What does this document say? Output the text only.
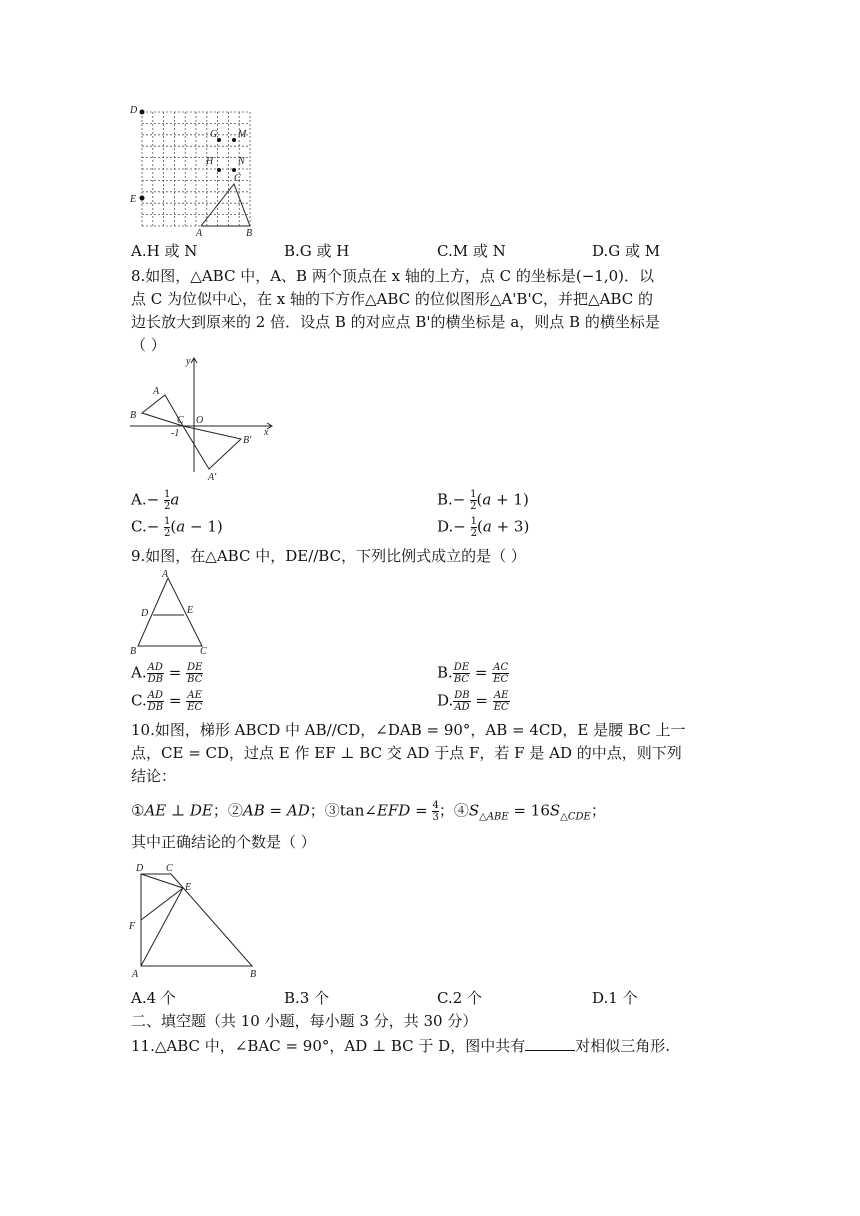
D
G M
H N
C
E
A	B
A.H 或 N	B.G 或 H	C.M 或 N	D.G 或 M
8.如图，△ABC 中，A、B 两个顶点在 x 轴的上方，点 C 的坐标是(−1,0)．以
点 C 为位似中心，在 x 轴的下方作△ABC 的位似图形△A'B'C，并把△ABC 的
边长放大到原来的 2 倍．设点 B 的对应点 B'的横坐标是 a，则点 B 的横坐标是
（ ）
y
A
B	C O
-1	x
B'
A'
$A.- \frac{1}{2}$ a	$B.- \frac{1}{2} (a + 1)$
$C.- \frac{1}{2} (a - 1)$	$D.- \frac{1}{2} (a + 3)$
9.如图，在△ABC 中，DE//BC，下列比例式成立的是（ ）
A
D	E
B	C
A. $\frac{AD}{DB} = \frac{DE}{BC}$	B. $\frac{DE}{BC} = \frac{AC}{EC}$
C. $\frac{AD}{DB} = \frac{AE}{EC}$	D. $\frac{DB}{AD} = \frac{AE}{EC}$
10.如图，梯形 ABCD 中 AB//CD，∠DAB = 90°，AB = 4CD，E 是腰 BC 上一
点，CE = CD，过点 E 作 EF ⊥ BC 交 AD 于点 F，若 F 是 AD 的中点，则下列
结论：
①AE ⊥ DE；②AB = AD；③tan∠EFD = $\frac{4}{3}$ ；$④S_{\triangle ABE} = 16S_{\triangle CDE}$；
其中正确结论的个数是（ ）
D C
E
F
A	B
A.4 个	B.3 个	C.2 个	D.1 个
二、填空题（共 10 小题，每小题 3 分，共 30 分）
11.△ABC 中，∠BAC = 90°，AD ⊥ BC 于 D，图中共有	对相似三角形.
